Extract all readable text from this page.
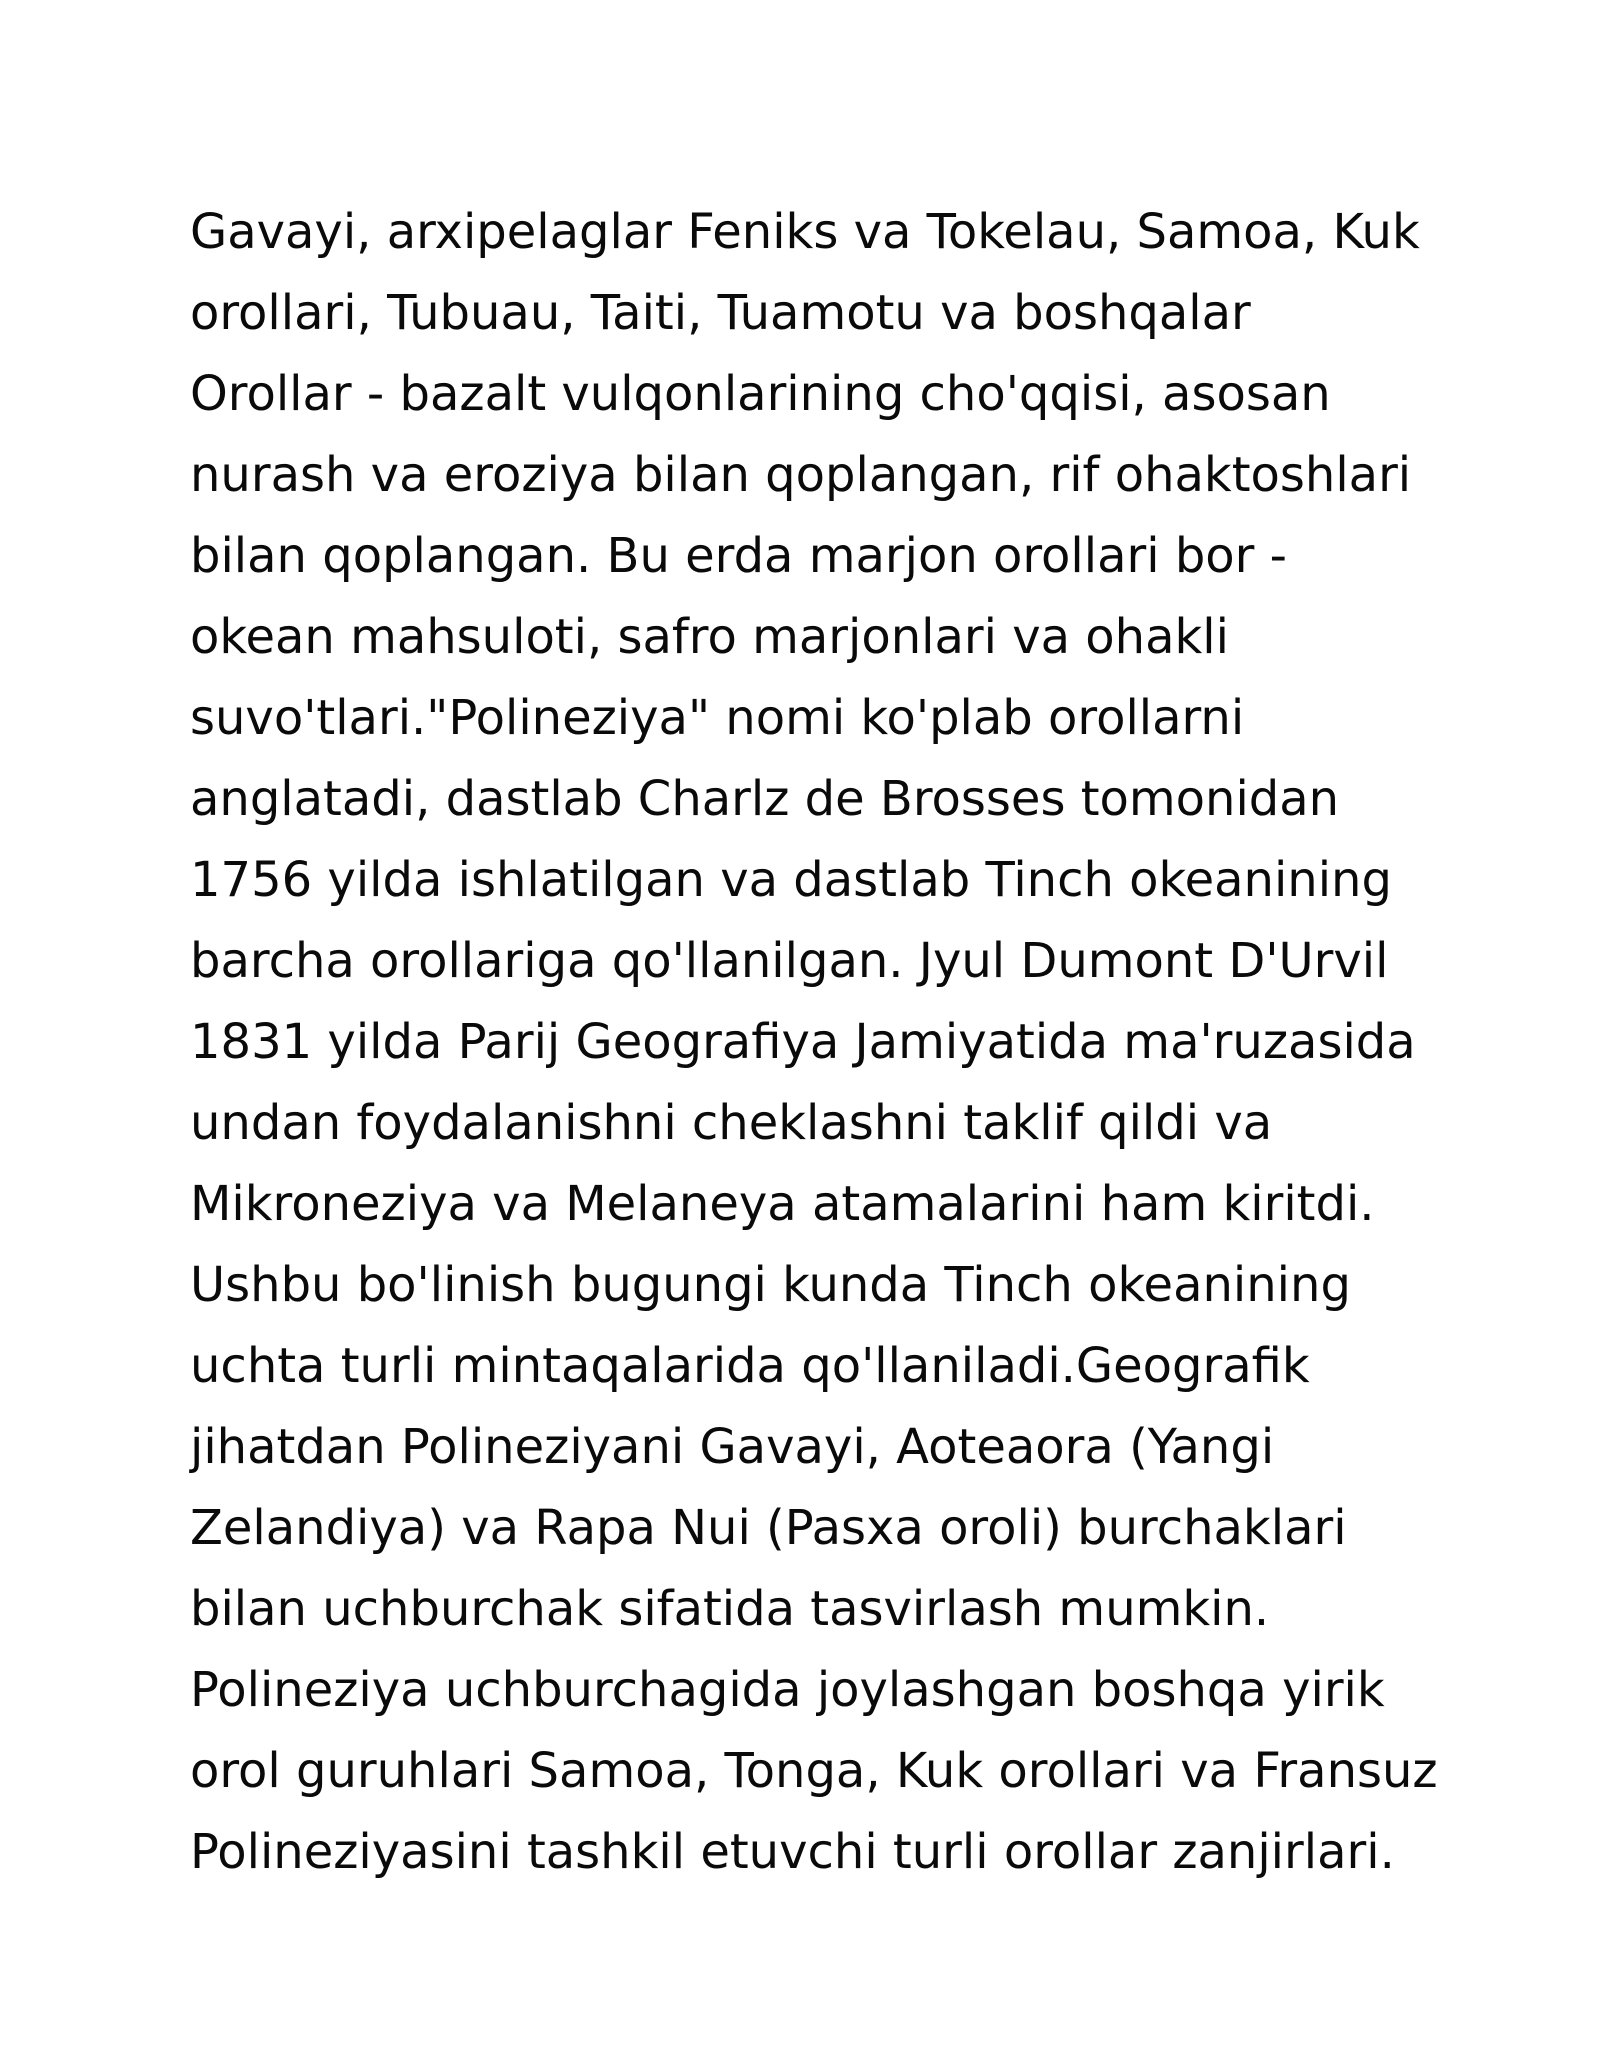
Gavayi, arxipelaglar Feniks va Tokelau, Samoa, Kuk
orollari, Tubuau, Taiti, Tuamotu va boshqalar
Orollar - bazalt vulqonlarining cho'qqisi, asosan
nurash va eroziya bilan qoplangan, rif ohaktoshlari
bilan qoplangan. Bu erda marjon orollari bor -
okean mahsuloti, safro marjonlari va ohakli
suvo'tlari."Polineziya" nomi ko'plab orollarni
anglatadi, dastlab Charlz de Brosses tomonidan
1756 yilda ishlatilgan va dastlab Tinch okeanining
barcha orollariga qo'llanilgan. Jyul Dumont D'Urvil
1831 yilda Parij Geografiya Jamiyatida ma'ruzasida
undan foydalanishni cheklashni taklif qildi va
Mikroneziya va Melaneya atamalarini ham kiritdi.
Ushbu bo'linish bugungi kunda Tinch okeanining
uchta turli mintaqalarida qo'llaniladi.Geografik
jihatdan Polineziyani Gavayi, Aoteaora (Yangi
Zelandiya) va Rapa Nui (Pasxa oroli) burchaklari
bilan uchburchak sifatida tasvirlash mumkin.
Polineziya uchburchagida joylashgan boshqa yirik
orol guruhlari Samoa, Tonga, Kuk orollari va Fransuz
Polineziyasini tashkil etuvchi turli orollar zanjirlari.
